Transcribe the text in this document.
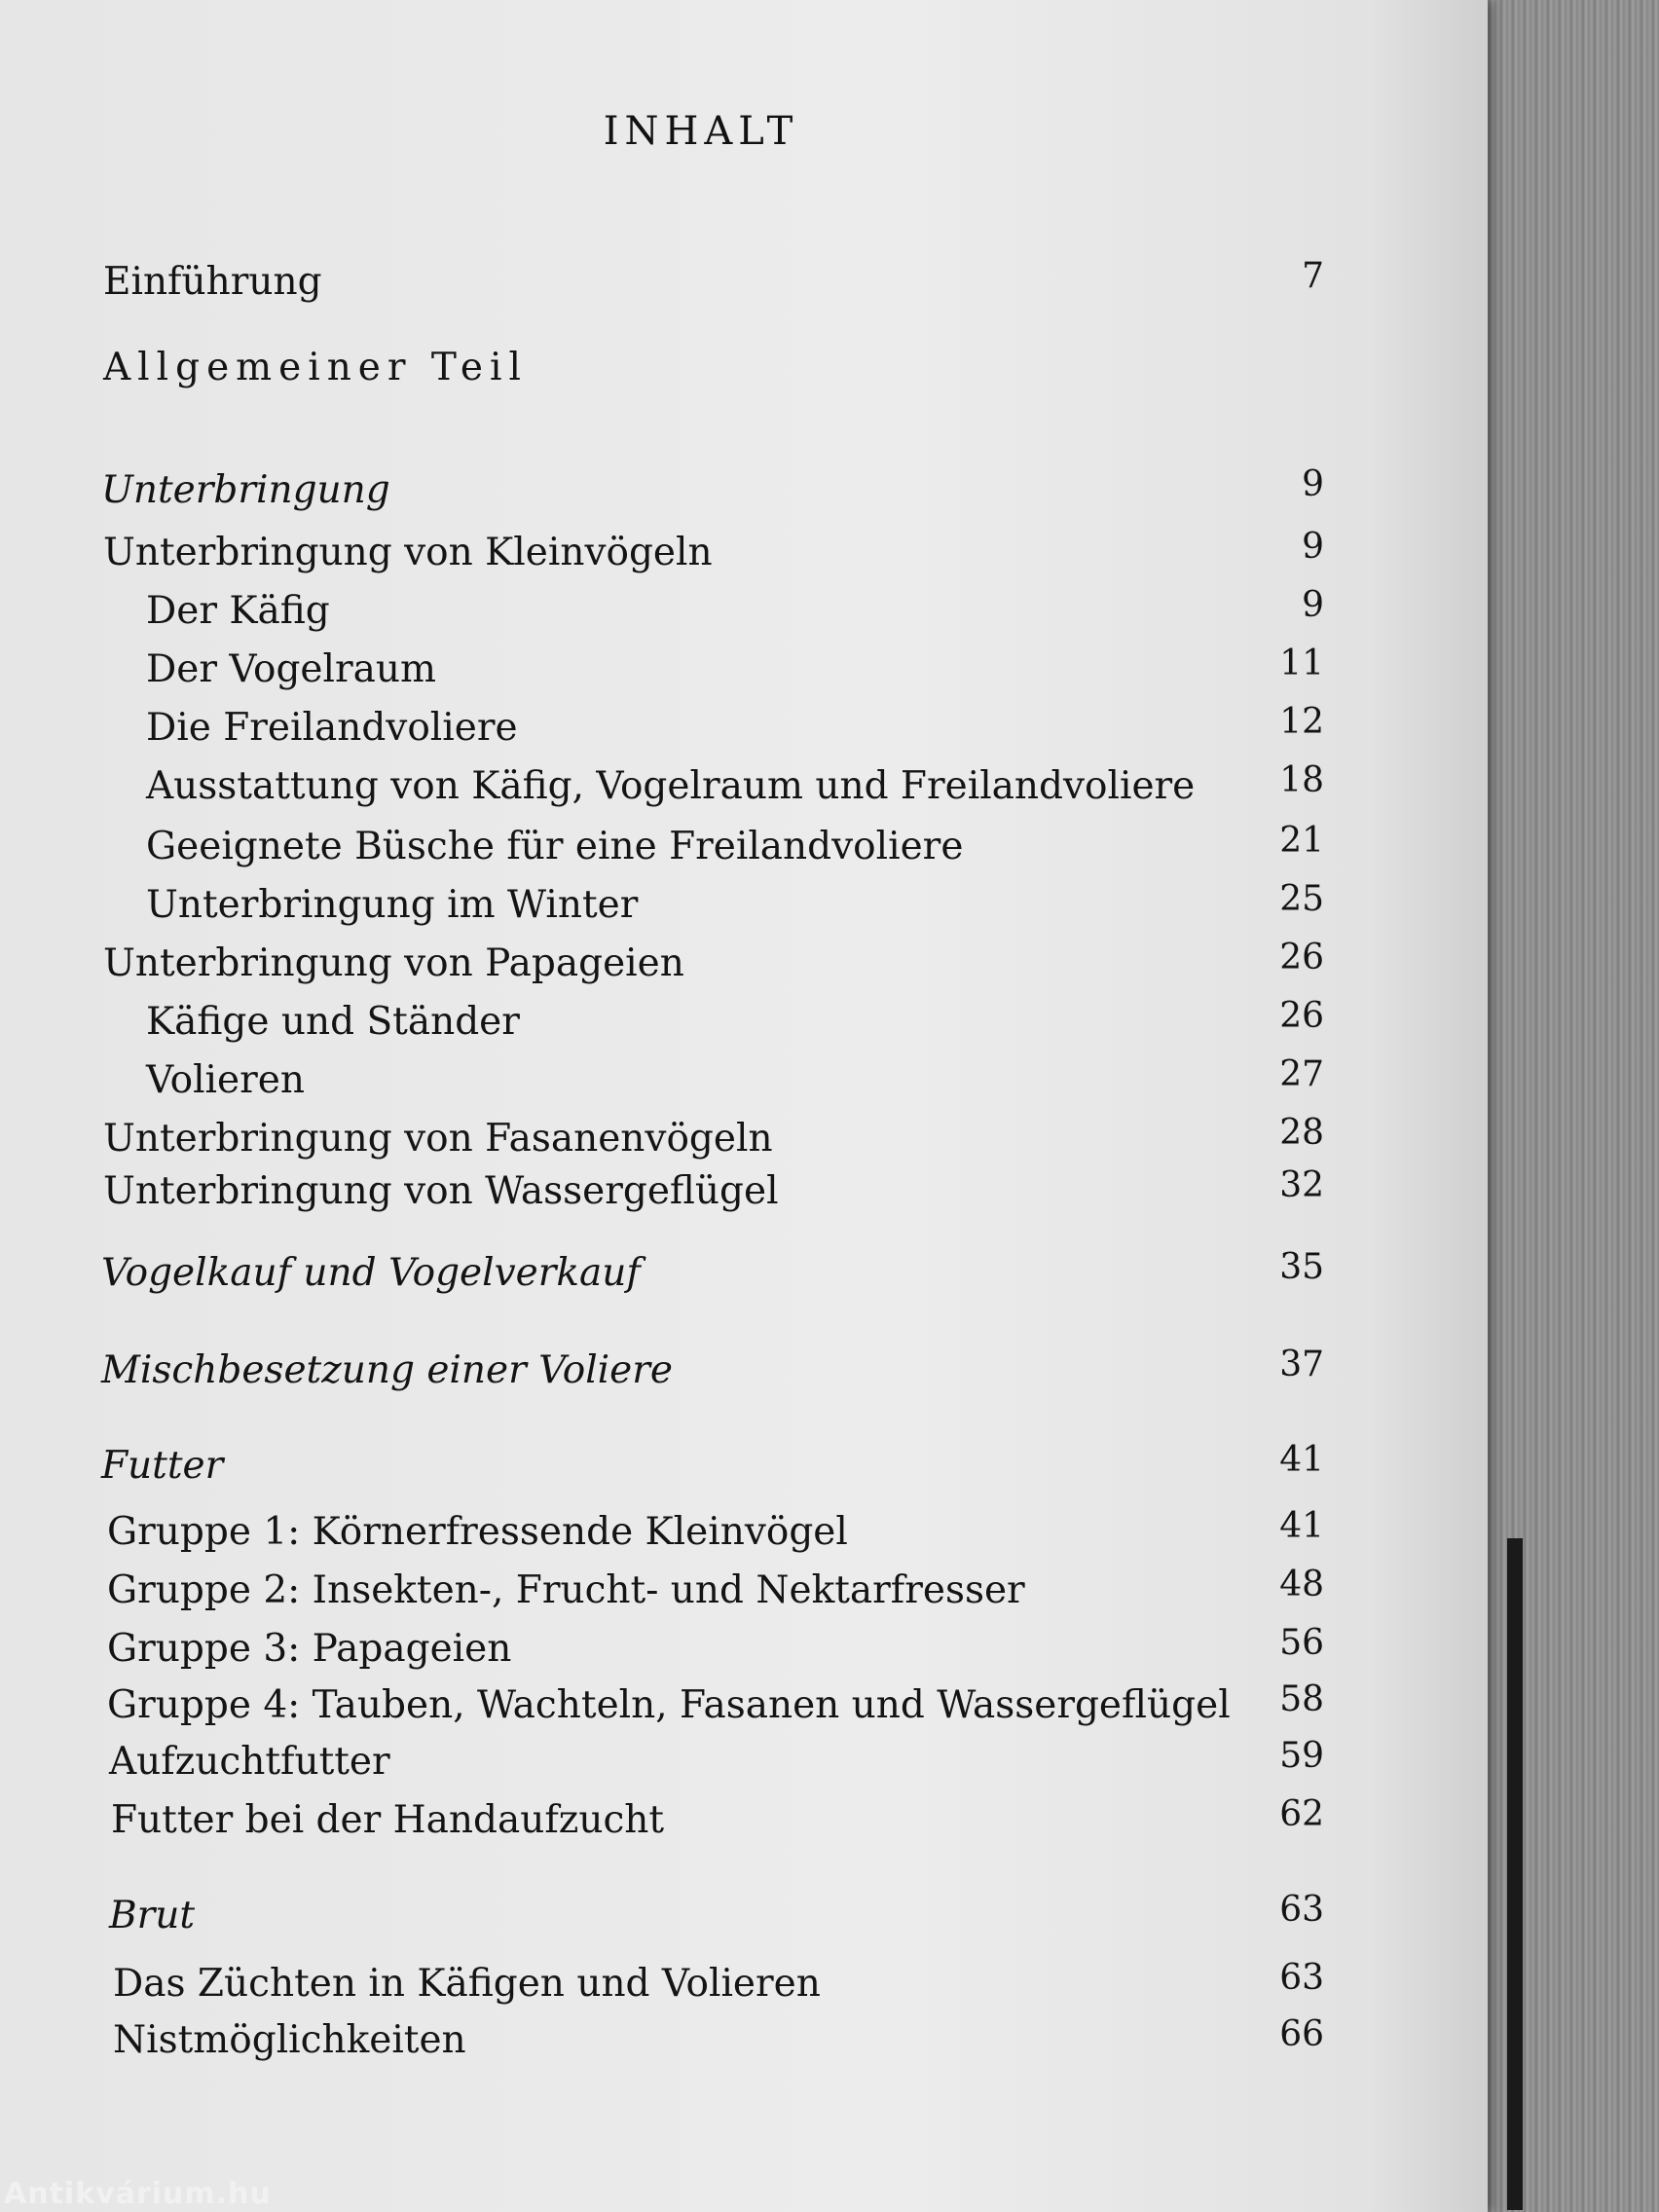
INHALT
Einführung	7
Allgemeiner Teil
Unterbringung	9
Unterbringung von Kleinvögeln	9
Der Käfig	9
Der Vogelraum	11
Die Freilandvoliere	12
Ausstattung von Käfig, Vogelraum und Freilandvoliere 18
Geeignete Büsche für eine Freilandvoliere	21
Unterbringung im Winter	25
Unterbringung von Papageien	26
Käfige und Ständer	26
Volieren	27
Unterbringung von Fasanenvögeln	28
Unterbringung von Wassergeflügel	32
Vogelkauf und Vogelverkauf	35
Mischbesetzung einer Voliere	37
Futter	41
Gruppe 1: Körnerfressende Kleinvögel	41
Gruppe 2: Insekten-, Frucht- und Nektarfresser	48
Gruppe 3: Papageien	56
Gruppe 4: Tauben, Wachteln, Fasanen und Wassergeflügel 58
Aufzuchtfutter	59
Futter bei der Handaufzucht	62
Brut	63
Das Züchten in Käfigen und Volieren	63
Nistmöglichkeiten	66
Antikvárium.hu
